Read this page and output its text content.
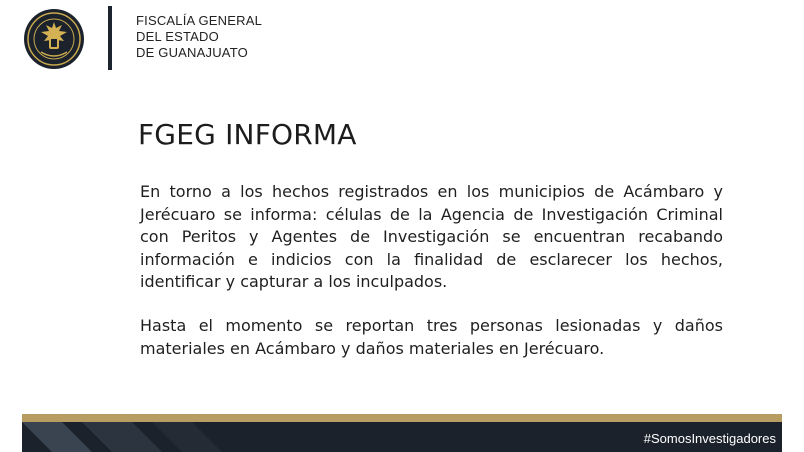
FISCALÍA GENERAL
DEL ESTADO
DE GUANAJUATO
FGEG INFORMA

En torno a los hechos registrados en los municipios de Acámbaro y Jerécuaro se informa: células de la Agencia de Investigación Criminal con Peritos y Agentes de Investigación se encuentran recabando información e indicios con la finalidad de esclarecer los hechos, identificar y capturar a los inculpados.

Hasta el momento se reportan tres personas lesionadas y daños materiales en Acámbaro y daños materiales en Jerécuaro.

#SomosInvestigadores
